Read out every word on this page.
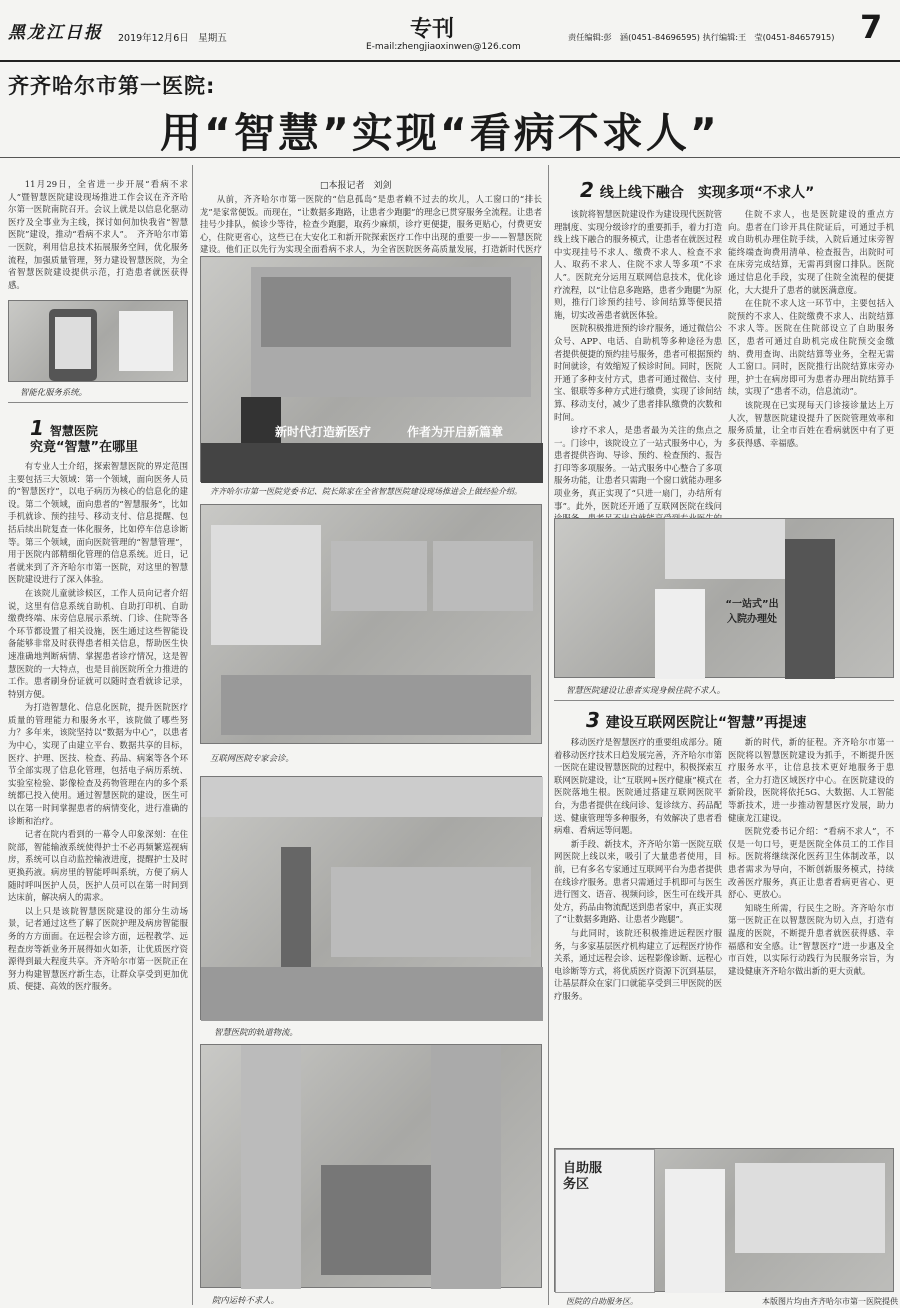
黑龙江日报 2019年12月6日　星期五	专刊
E-mail:zhengjiaoxinwen@126.com
责任编辑:彭　涵(0451-84696595) 执行编辑:王　莹(0451-84657915) 7
齐齐哈尔市第一医院:
用“智慧”实现“看病不求人”

11月29日，全省进一步开展“看病不求人”暨智慧医院建设现场推进工作会议在齐齐哈尔第一医院南院召开。会议上就是以信息化驱动医疗及全事业为主线，探讨如何加快我省“智慧医院”建设，推动“看病不求人”。　齐齐哈尔市第一医院，利用信息技术拓展服务空间，优化服务流程，加强质量管理，努力建设智慧医院，为全省智慧医院建设提供示范，打造患者就医获得感。

智能化服务系统。
1 智慧医院
究竟“智慧”在哪里

有专业人士介绍，探索智慧医院的界定范围主要包括三大领域：第一个领域，面向医务人员的“智慧医疗”，以电子病历为核心的信息化的建设。第二个领域，面向患者的“智慧服务”，比如手机就诊、预约挂号、移动支付、信息提醒、包括后续出院复查一体化服务，比如停车信息诊断等。第三个领域，面向医院管理的“智慧管理”，用于医院内部精细化管理的信息系统。近日，记者就来到了齐齐哈尔市第一医院，对这里的智慧医院建设进行了深入体验。

在该院儿童就诊候区，工作人员向记者介绍说，这里有信息系统自助机、自助打印机、自助缴费终端、床旁信息展示系统、门诊、住院等各个环节都设置了相关设施，医生通过这些智能设备能够非常及时获得患者相关信息，帮助医生快速准确地判断病情、掌握患者诊疗情况，这是智慧医院的一大特点，也是目前医院所全力推进的工作。患者刷身份证就可以随时查看就诊记录，特别方便。

为打造智慧化、信息化医院，提升医院医疗质量的管理能力和服务水平，该院做了哪些努力？多年来，该院坚持以“数据为中心”，以患者为中心，实现了由建立平台、数据共享的目标，医疗、护理、医技、检查、药品、病案等各个环节全部实现了信息化管理，包括电子病历系统、实验室检验、影像检查及药物管理在内的多个系统都已投入使用。通过智慧医院的建设，医生可以在第一时间掌握患者的病情变化，进行准确的诊断和治疗。

记者在院内看到的一幕令人印象深刻：在住院部，智能输液系统使得护士不必再频繁巡视病房，系统可以自动监控输液进度，提醒护士及时更换药液。病房里的智能呼叫系统，方便了病人随时呼叫医护人员，医护人员可以在第一时间到达床前，解决病人的需求。

以上只是该院智慧医院建设的部分生动场景，记者通过这些了解了医院护理及病房智能服务的方方面面。在远程会诊方面，远程教学、远程查房等新业务开展得如火如荼，让优质医疗资源得到最大程度共享。齐齐哈尔市第一医院正在努力构建智慧医疗新生态，让群众享受到更加优质、便捷、高效的医疗服务。

□本报记者　刘剑

从前，齐齐哈尔市第一医院的“信息孤岛”是患者赖不过去的坎儿，人工窗口的“排长龙”是家常便饭。而现在，“让数据多跑路，让患者少跑腿”的理念已贯穿服务全流程。让患者挂号少排队，候诊少等待，检查少跑腿，取药少麻烦，诊疗更便捷，服务更贴心，付费更安心，住院更省心，这些已在大安化工和新开院探索医疗工作中出现的重要一步——智慧医院建设。他们正以先行为实现全面看病不求人，为全省医院医务高质量发展，打造新时代医疗

新时代打造新医疗	作者为开启新篇章
齐齐哈尔市第一医院党委书记、院长陈家在全省智慧医院建设现场推进会上做经验介绍。
互联网医院专家会诊。
智慧医院的轨道物流。
院内运转不求人。
2 线上线下融合　实现多项“不求人”

该院将智慧医院建设作为建设现代医院管理制度、实现分级诊疗的重要抓手，着力打造线上线下融合的服务模式，让患者在就医过程中实现挂号不求人、缴费不求人、检查不求人、取药不求人、住院不求人等多项“不求人”。医院充分运用互联网信息技术，优化诊疗流程，以“让信息多跑路，患者少跑腿”为原则，推行门诊预约挂号、诊间结算等便民措施，切实改善患者就医体验。

医院积极推进预约诊疗服务，通过微信公众号、APP、电话、自助机等多种途径为患者提供便捷的预约挂号服务，患者可根据预约时间就诊，有效缩短了候诊时间。同时，医院开通了多种支付方式，患者可通过微信、支付宝、银联等多种方式进行缴费，实现了诊间结算、移动支付，减少了患者排队缴费的次数和时间。

诊疗不求人，是患者最为关注的焦点之一。门诊中，该院设立了一站式服务中心，为患者提供咨询、导诊、预约、检查预约、报告打印等多项服务。一站式服务中心整合了多项服务功能，让患者只需跑一个窗口就能办理多项业务，真正实现了“只进一扇门，办结所有事”。此外，医院还开通了互联网医院在线问

住院不求人，也是医院建设的重点方向。患者在门诊开具住院证后，可通过手机或自助机办理住院手续，入院后通过床旁智能终端查询费用清单、检查报告，出院时可在床旁完成结算，无需再到窗口排队。医院通过信息化手段，实现了住院全流程的便捷化，大大提升了患者的就医满意度。

在住院不求人这一环节中，主要包括入院预约不求人、住院缴费不求人、出院结算不求人等。医院在住院部设立了自助服务区，患者可通过自助机完成住院预交金缴纳、费用查询、出院结算等业务，全程无需人工窗口。同时，医院推行出院结算床旁办理，护士在病房即可为患者办理出院结算手续，实现了“患者不动，信息流动”。

该院现在已实现每天门诊接诊量达上万人次，智慧医院建设提升了医院管理效率和服务质量，让全市百姓在看病就医中有了更多获得感、幸福感。

“一站式”出入院办理处
智慧医院建设让患者实现身候住院不求人。
3 建设互联网医院让“智慧”再提速

移动医疗是智慧医疗的重要组成部分。随着移动医疗技术日趋发展完善，齐齐哈尔市第一医院在建设智慧医院的过程中，积极探索互联网医院建设，让“互联网+医疗健康”模式在医院落地生根。医院通过搭建互联网医院平台，为患者提供在线问诊、复诊续方、药品配送、健康管理等多种服务，有效解决了患者看病难、看病远等问题。

新手段、新技术，齐齐哈尔第一医院互联网医院上线以来，吸引了大量患者使用，目前，已有多名专家通过互联网平台为患者提供在线诊疗服务。患者只需通过手机即可与医生进行图文、语音、视频问诊，医生可在线开具处方，药品由物流配送到患者家中，真正实现了“让数据多跑路、让患者少跑腿”。

与此同时，该院还积极推进远程医疗服务，与多家基层医疗机构建立了远程医疗协作关系，通过远程会诊、远程影像诊断、远程心电诊断等方式，将优质医疗资源下沉到基层，让基层群众在家门口就能享受到三甲医院的医疗服务。

新的时代，新的征程。齐齐哈尔市第一医院将以智慧医院建设为抓手，不断提升医疗服务水平，让信息技术更好地服务于患者，全力打造区域医疗中心。在医院建设的新阶段，医院将依托5G、大数据、人工智能等新技术，进一步推动智慧医疗发展，助力健康龙江建设。

医院党委书记介绍：“看病不求人”，不仅是一句口号，更是医院全体员工的工作目标。医院将继续深化医药卫生体制改革，以患者需求为导向，不断创新服务模式，持续改善医疗服务，真正让患者看病更省心、更舒心、更放心。

知晓生所需，行民生之盼。齐齐哈尔市第一医院正在以智慧医院为切入点，打造有温度的医院，不断提升患者就医获得感、幸福感和安全感。让“智慧医疗”进一步惠及全市百姓，以实际行动践行为民服务宗旨，为建设健康齐齐哈尔做出新的更大贡献。

医院的自助服务区。	本版图片均由齐齐哈尔市第一医院提供
自助服务区
